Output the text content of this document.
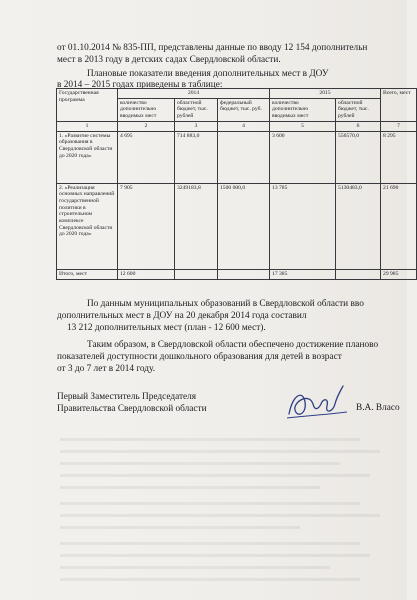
от 01.10.2014 № 835-ПП, представлены данные по вводу 12 154 дополнительн
мест в 2013 году в детских садах Свердловской области.
Плановые показатели введения дополнительных мест в ДОУ
в 2014 – 2015 годах приведены в таблице:
Государственная программа	2014			2015		Всего, мест
	количество дополнительно вводимых мест	областной бюджет, тыс. рублей	федеральный бюджет, тыс. руб.	количество дополнительно вводимых мест	областной бюджет, тыс. рублей	
1	2	3	4	5	6	7
1. «Развитие системы образования в Свердловской области до 2020 года»	4 695	714 883,0		3 600	556570,0	8 295
2. «Реализация основных направлений государственной политики в строительном комплексе Свердловской области до 2020 года»	7 905	3249183,8	1500 000,0	13 785	5130483,0	21 690
Итого, мест	12 600			17 385		29 985
По данным муниципальных образований в Свердловской области вво
дополнительных мест в ДОУ на 20 декабря 2014 года составил
13 212 дополнительных мест (план - 12 600 мест).
Таким образом, в Свердловской области обеспечено достижение планово
показателей доступности дошкольного образования для детей в возраст
от 3 до 7 лет в 2014 году.
Первый Заместитель Председателя
Правительства Свердловской области	В.А. Власо
